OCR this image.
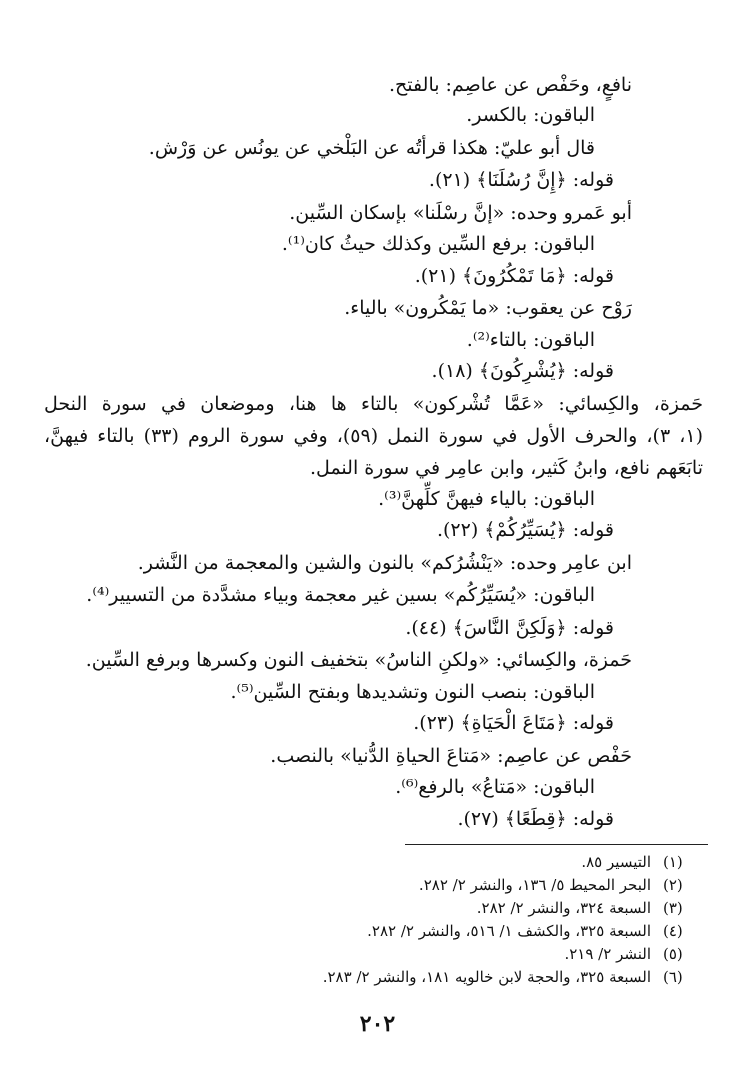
نافعٍ، وحَفْص عن عاصِم: بالفتح.
الباقون: بالكسر.
قال أبو عليّ: هكذا قرأتُه عن البَلْخي عن يونُس عن وَرْش.
قوله: ﴿إِنَّ رُسُلَنَا﴾ (٢١).
أبو عَمرو وحده: «إنَّ رسْلَنا» بإسكان السِّين.
الباقون: برفع السِّين وكذلك حيثُ كان⁽¹⁾.
قوله: ﴿مَا تَمْكُرُونَ﴾ (٢١).
رَوْح عن يعقوب: «ما يَمْكُرون» بالياء.
الباقون: بالتاء⁽²⁾.
قوله: ﴿يُشْرِكُونَ﴾ (١٨).
حَمزة، والكِسائي: «عَمَّا تُشْركون» بالتاء ها هنا، وموضعان في سورة النحل
(١، ٣)، والحرف الأول في سورة النمل (٥٩)، وفي سورة الروم (٣٣) بالتاء فيهنَّ،
تابَعَهم نافع، وابنُ كَثير، وابن عامِر في سورة النمل.
الباقون: بالياء فيهنَّ كلِّهنَّ⁽³⁾.
قوله: ﴿يُسَيِّرُكُمْ﴾ (٢٢).
ابن عامِر وحده: «يَنْشُرُكم» بالنون والشين والمعجمة من النَّشر.
الباقون: «يُسَيِّرُكُم» بسين غير معجمة وبياء مشدَّدة من التسيير⁽⁴⁾.
قوله: ﴿وَلَكِنَّ النَّاسَ﴾ (٤٤).
حَمزة، والكِسائي: «ولكنِ الناسُ» بتخفيف النون وكسرها وبرفع السِّين.
الباقون: بنصب النون وتشديدها وبفتح السِّين⁽⁵⁾.
قوله: ﴿مَتَاعَ الْحَيَاةِ﴾ (٢٣).
حَفْص عن عاصِم: «مَتاعَ الحياةِ الدُّنيا» بالنصب.
الباقون: «مَتاعُ» بالرفع⁽⁶⁾.
قوله: ﴿قِطَعًا﴾ (٢٧).
(١)
التيسير ٨٥.
(٢)
البحر المحيط ٥/ ١٣٦، والنشر ٢/ ٢٨٢.
(٣)
السبعة ٣٢٤، والنشر ٢/ ٢٨٢.
(٤)
السبعة ٣٢٥، والكشف ١/ ٥١٦، والنشر ٢/ ٢٨٢.
(٥)
النشر ٢/ ٢١٩.
(٦)
السبعة ٣٢٥، والحجة لابن خالويه ١٨١، والنشر ٢/ ٢٨٣.
٢٠٢
